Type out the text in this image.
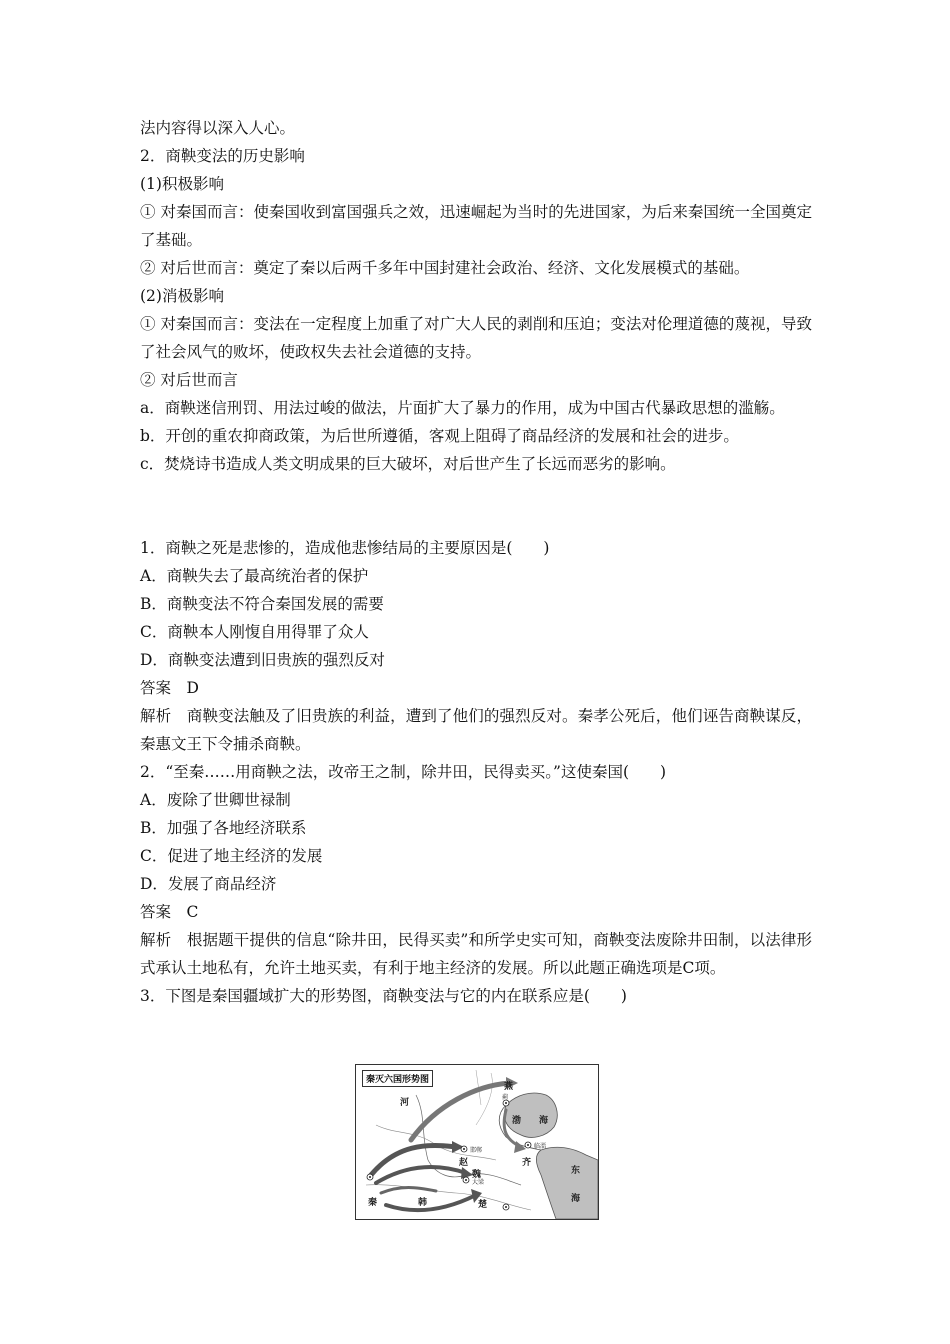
法内容得以深入人心。
2．商鞅变法的历史影响
(1)积极影响
① 对秦国而言：使秦国收到富国强兵之效，迅速崛起为当时的先进国家，为后来秦国统一全国奠定了基础。
② 对后世而言：奠定了秦以后两千多年中国封建社会政治、经济、文化发展模式的基础。
(2)消极影响
① 对秦国而言：变法在一定程度上加重了对广大人民的剥削和压迫；变法对伦理道德的蔑视，导致了社会风气的败坏，使政权失去社会道德的支持。
② 对后世而言
a．商鞅迷信刑罚、用法过峻的做法，片面扩大了暴力的作用，成为中国古代暴政思想的滥觞。
b．开创的重农抑商政策，为后世所遵循，客观上阻碍了商品经济的发展和社会的进步。
c．焚烧诗书造成人类文明成果的巨大破坏，对后世产生了长远而恶劣的影响。
1．商鞅之死是悲惨的，造成他悲惨结局的主要原因是(　　)
A．商鞅失去了最高统治者的保护
B．商鞅变法不符合秦国发展的需要
C．商鞅本人刚愎自用得罪了众人
D．商鞅变法遭到旧贵族的强烈反对
答案　D
解析　商鞅变法触及了旧贵族的利益，遭到了他们的强烈反对。秦孝公死后，他们诬告商鞅谋反，秦惠文王下令捕杀商鞅。
2．“至秦……用商鞅之法，改帝王之制，除井田，民得卖买。”这使秦国(　　)
A．废除了世卿世禄制
B．加强了各地经济联系
C．促进了地主经济的发展
D．发展了商品经济
答案　C
解析　根据题干提供的信息“除井田，民得买卖”和所学史实可知，商鞅变法废除井田制，以法律形式承认土地私有，允许土地买卖，有利于地主经济的发展。所以此题正确选项是C项。
3．下图是秦国疆域扩大的形势图，商鞅变法与它的内在联系应是(　　)
秦灭六国形势图
燕
河
渤 海
赵
魏
齐
东
海
秦	韩	楚
邯郸
临淄
大梁
蓟
